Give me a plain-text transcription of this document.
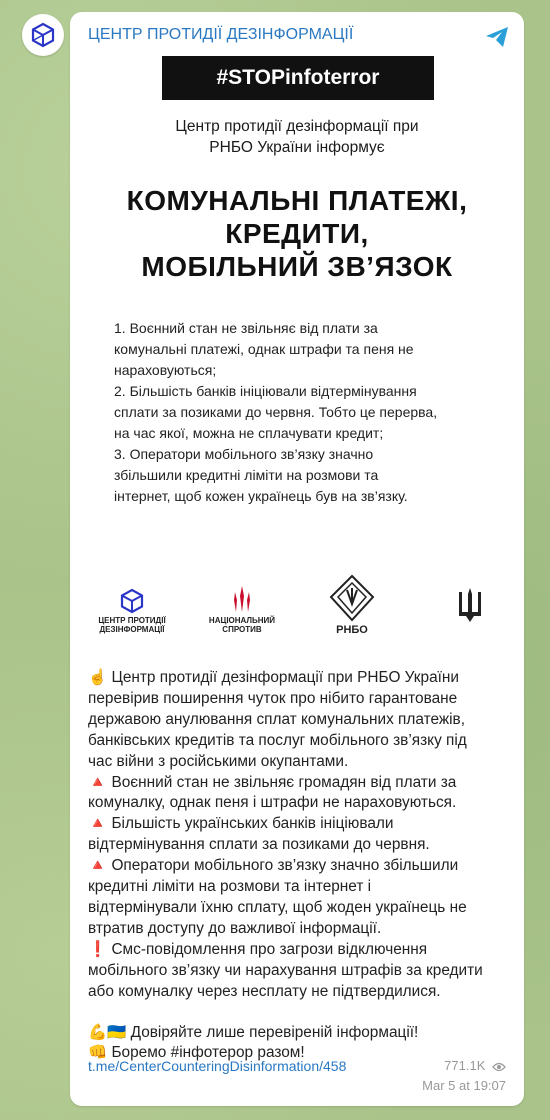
ЦЕНТР ПРОТИДІЇ ДЕЗІНФОРМАЦІЇ
#STOPinfoterror
Центр протидії дезінформації при
РНБО України інформує
КОМУНАЛЬНІ ПЛАТЕЖІ,
КРЕДИТИ,
МОБІЛЬНИЙ ЗВ’ЯЗОК

1. Воєнний стан не звільняє від плати за

комунальні платежі, однак штрафи та пеня не

нараховуються;

2. Більшість банків ініціювали відтермінування

сплати за позиками до червня. Тобто це перерва,

на час якої, можна не сплачувати кредит;

3. Оператори мобільного зв’язку значно

збільшили кредитні ліміти на розмови та

інтернет, щоб кожен українець був на зв’язку.

ЦЕНТР ПРОТИДІЇ
ДЕЗІНФОРМАЦІЇ
НАЦІОНАЛЬНИЙ
СПРОТИВ	РНБО

☝️ Центр протидії дезінформації при РНБО України

перевірив поширення чуток про нібито гарантоване

державою анулювання сплат комунальних платежів,

банківських кредитів та послуг мобільного зв’язку під

час війни з російськими окупантами.

🔺 Воєнний стан не звільняє громадян від плати за

комуналку, однак пеня і штрафи не нараховуються.

🔺 Більшість українських банків ініціювали

відтермінування сплати за позиками до червня.

🔺 Оператори мобільного зв’язку значно збільшили

кредитні ліміти на розмови та інтернет і

відтермінували їхню сплату, щоб жоден українець не

втратив доступу до важливої інформації.

❗ Смс-повідомлення про загрози відключення

мобільного зв’язку чи нарахування штрафів за кредити

або комуналку через несплату не підтвердилися.

💪🇺🇦 Довіряйте лише перевіреній інформації!

👊 Боремо #інфотерор разом!

t.me/CenterCounteringDisinformation/458	771.1K
Mar 5 at 19:07
